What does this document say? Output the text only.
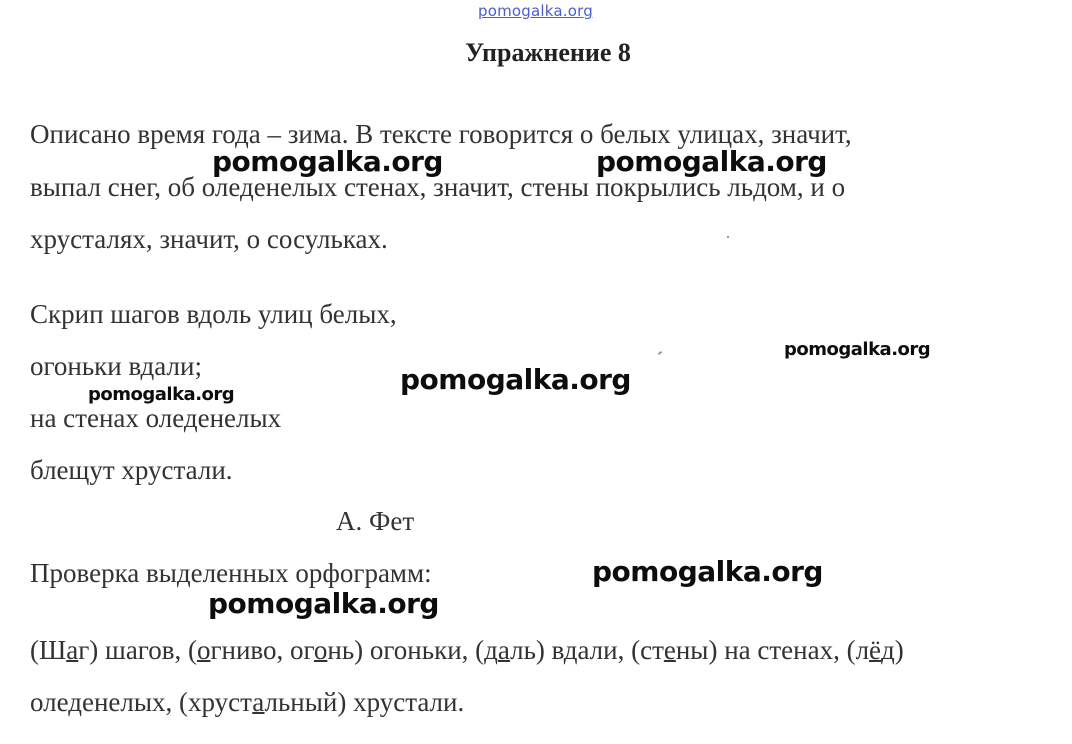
pomogalka.org
Упражнение 8
Описано время года – зима. В тексте говорится о белых улицах, значит,
выпал снег, об оледенелых стенах, значит, стены покрылись льдом, и о
хрусталях, значит, о сосульках.
Скрип шагов вдоль улиц белых,
огоньки вдали;
на стенах оледенелых
блещут хрустали.
А. Фет
Проверка выделенных орфограмм:
(Шаг) шагов, (огниво, огонь) огоньки, (даль) вдали, (стены) на стенах, (лёд)
оледенелых, (хрустальный) хрустали.
pomogalka.org	pomogalka.org
pomogalka.org
pomogalka.org
pomogalka.org
pomogalka.org
pomogalka.org
